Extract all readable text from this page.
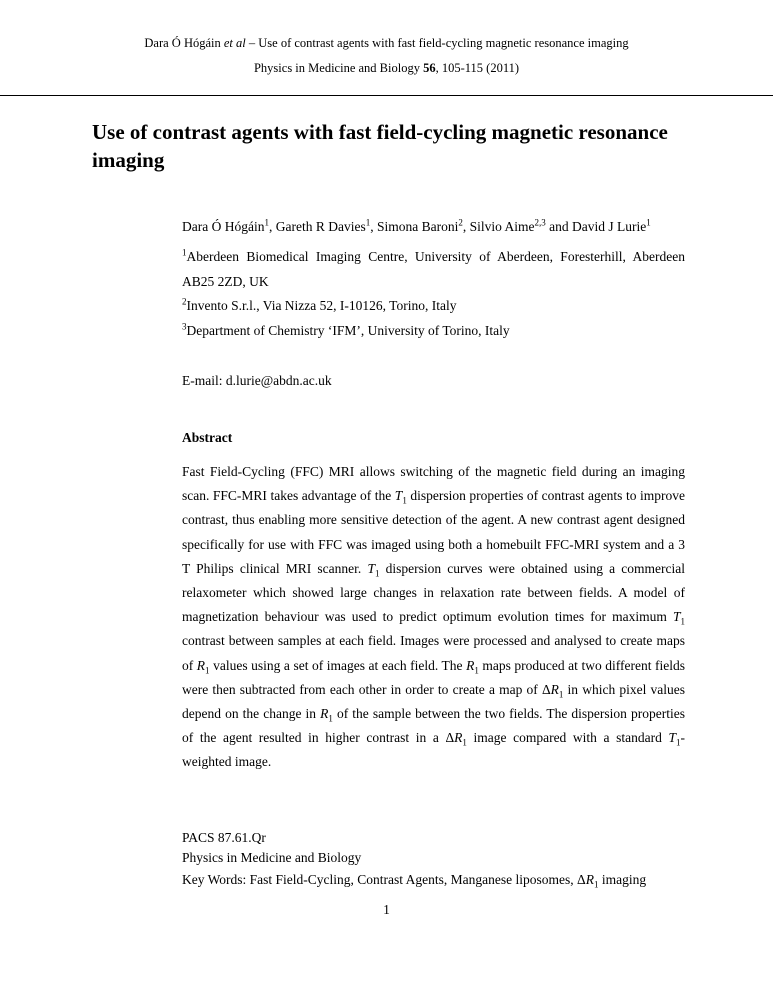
Dara Ó Hógáin et al – Use of contrast agents with fast field-cycling magnetic resonance imaging
Physics in Medicine and Biology 56, 105-115 (2011)
Use of contrast agents with fast field-cycling magnetic resonance imaging
Dara Ó Hógáin$^1$, Gareth R Davies$^1$, Simona Baroni$^2$, Silvio Aime$^{2,3}$ and David J Lurie$^1$
$^1$Aberdeen Biomedical Imaging Centre, University of Aberdeen, Foresterhill, Aberdeen AB25 2ZD, UK
$^2$Invento S.r.l., Via Nizza 52, I-10126, Torino, Italy
$^3$Department of Chemistry ‘IFM’, University of Torino, Italy
E-mail: d.lurie@abdn.ac.uk
Abstract
Fast Field-Cycling (FFC) MRI allows switching of the magnetic field during an imaging scan. FFC-MRI takes advantage of the $T_1$ dispersion properties of contrast agents to improve contrast, thus enabling more sensitive detection of the agent. A new contrast agent designed specifically for use with FFC was imaged using both a homebuilt FFC-MRI system and a 3 T Philips clinical MRI scanner. $T_1$ dispersion curves were obtained using a commercial relaxometer which showed large changes in relaxation rate between fields. A model of magnetization behaviour was used to predict optimum evolution times for maximum $T_1$ contrast between samples at each field. Images were processed and analysed to create maps of $R_1$ values using a set of images at each field. The $R_1$ maps produced at two different fields were then subtracted from each other in order to create a map of $\Delta R_1$ in which pixel values depend on the change in $R_1$ of the sample between the two fields. The dispersion properties of the agent resulted in higher contrast in a $\Delta R_1$ image compared with a standard $T_1$-weighted image.
PACS 87.61.Qr
Physics in Medicine and Biology
Key Words: Fast Field-Cycling, Contrast Agents, Manganese liposomes, $\Delta R_1$ imaging
1
